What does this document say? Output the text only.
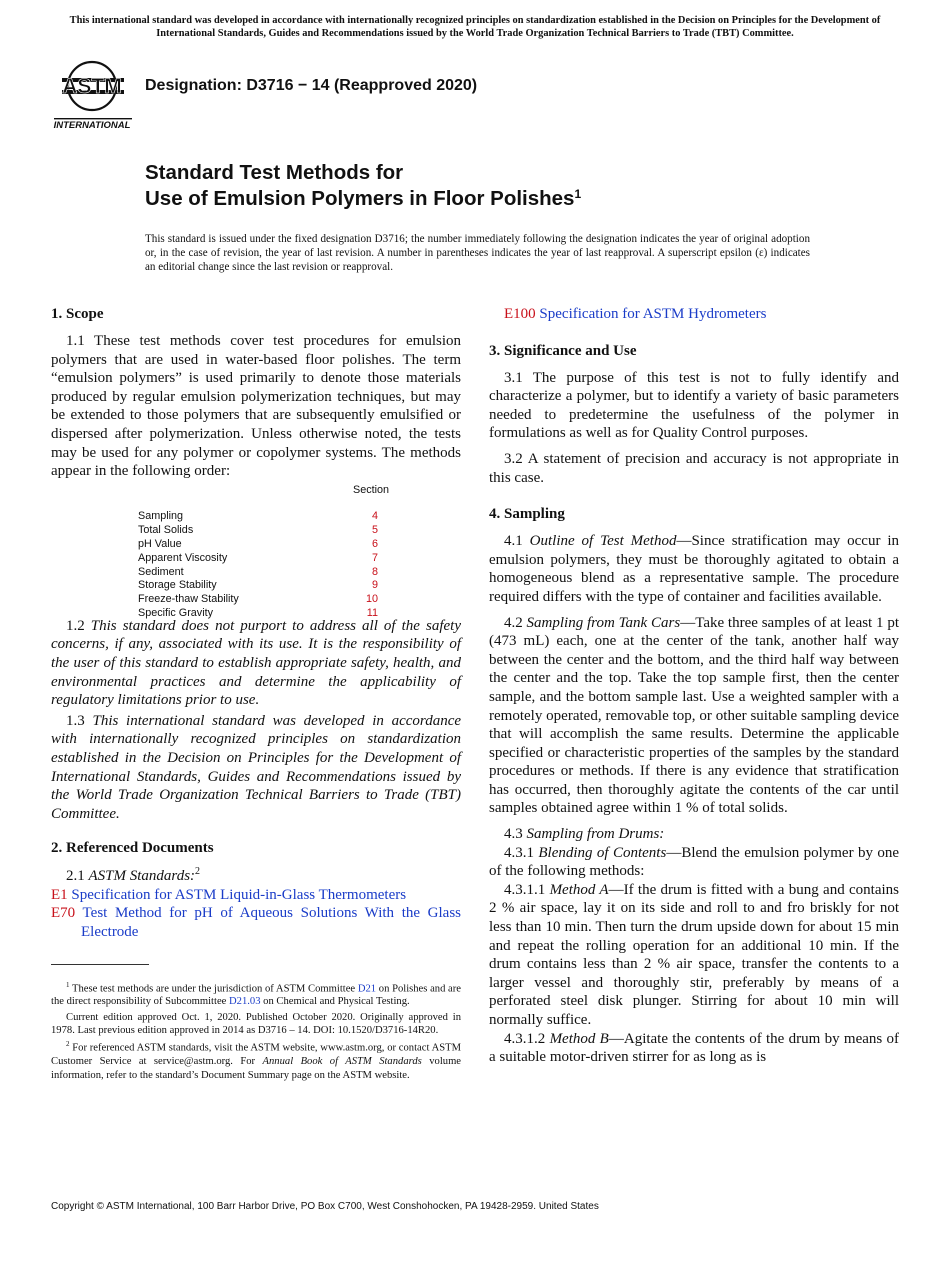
This international standard was developed in accordance with internationally recognized principles on standardization established in the Decision on Principles for the Development of International Standards, Guides and Recommendations issued by the World Trade Organization Technical Barriers to Trade (TBT) Committee.

ASTM
INTERNATIONAL

Designation: D3716 − 14 (Reapproved 2020)

Standard Test Methods for
Use of Emulsion Polymers in Floor Polishes$^1$

This standard is issued under the fixed designation D3716; the number immediately following the designation indicates the year of original adoption or, in the case of revision, the year of last revision. A number in parentheses indicates the year of last reapproval. A superscript epsilon (ε) indicates an editorial change since the last revision or reapproval.

1. Scope

1.1 These test methods cover test procedures for emulsion polymers that are used in water-based floor polishes. The term “emulsion polymers” is used primarily to denote those materials produced by regular emulsion polymerization techniques, but may be extended to those polymers that are subsequently emulsified or dispersed after polymerization. Unless otherwise noted, the tests may be used for any polymer or copolymer systems. The methods appear in the following order:

Section
Sampling	4
Total Solids	5
pH Value	6
Apparent Viscosity	7
Sediment	8
Storage Stability	9
Freeze-thaw Stability	10
Specific Gravity	11

1.2 This standard does not purport to address all of the safety concerns, if any, associated with its use. It is the responsibility of the user of this standard to establish appropriate safety, health, and environmental practices and determine the applicability of regulatory limitations prior to use.

1.3 This international standard was developed in accordance with internationally recognized principles on standardization established in the Decision on Principles for the Development of International Standards, Guides and Recommendations issued by the World Trade Organization Technical Barriers to Trade (TBT) Committee.

2. Referenced Documents

2.1 ASTM Standards:$^2$

E1 Specification for ASTM Liquid-in-Glass Thermometers

E70 Test Method for pH of Aqueous Solutions With the Glass Electrode

$^1$ These test methods are under the jurisdiction of ASTM Committee D21 on Polishes and are the direct responsibility of Subcommittee D21.03 on Chemical and Physical Testing.

Current edition approved Oct. 1, 2020. Published October 2020. Originally approved in 1978. Last previous edition approved in 2014 as D3716 – 14. DOI: 10.1520/D3716-14R20.

$^2$ For referenced ASTM standards, visit the ASTM website, www.astm.org, or contact ASTM Customer Service at service@astm.org. For Annual Book of ASTM Standards volume information, refer to the standard’s Document Summary page on the ASTM website.

E100 Specification for ASTM Hydrometers

3. Significance and Use

3.1 The purpose of this test is not to fully identify and characterize a polymer, but to identify a variety of basic parameters needed to predetermine the usefulness of the polymer in formulations as well as for Quality Control purposes.

3.2 A statement of precision and accuracy is not appropriate in this case.

4. Sampling

4.1 Outline of Test Method—Since stratification may occur in emulsion polymers, they must be thoroughly agitated to obtain a homogeneous blend as a representative sample. The procedure required differs with the type of container and facilities available.

4.2 Sampling from Tank Cars—Take three samples of at least 1 pt (473 mL) each, one at the center of the tank, another half way between the center and the bottom, and the third half way between the center and the top. Take the top sample first, then the center sample, and the bottom sample last. Use a weighted sampler with a remotely operated, removable top, or other suitable sampling device that will accomplish the same results. Determine the applicable specified or characteristic properties of the samples by the standard procedures or methods. If there is any evidence that stratification has occurred, then thoroughly agitate the contents of the car until samples obtained agree within 1 % of total solids.

4.3 Sampling from Drums:

4.3.1 Blending of Contents—Blend the emulsion polymer by one of the following methods:

4.3.1.1 Method A—If the drum is fitted with a bung and contains 2 % air space, lay it on its side and roll to and fro briskly for not less than 10 min. Then turn the drum upside down for about 15 min and repeat the rolling operation for an additional 10 min. If the drum contains less than 2 % air space, transfer the contents to a larger vessel and thoroughly stir, preferably by means of a perforated steel disk plunger. Stirring for about 10 min will normally suffice.

4.3.1.2 Method B—Agitate the contents of the drum by means of a suitable motor-driven stirrer for as long as is

Copyright © ASTM International, 100 Barr Harbor Drive, PO Box C700, West Conshohocken, PA 19428-2959. United States
